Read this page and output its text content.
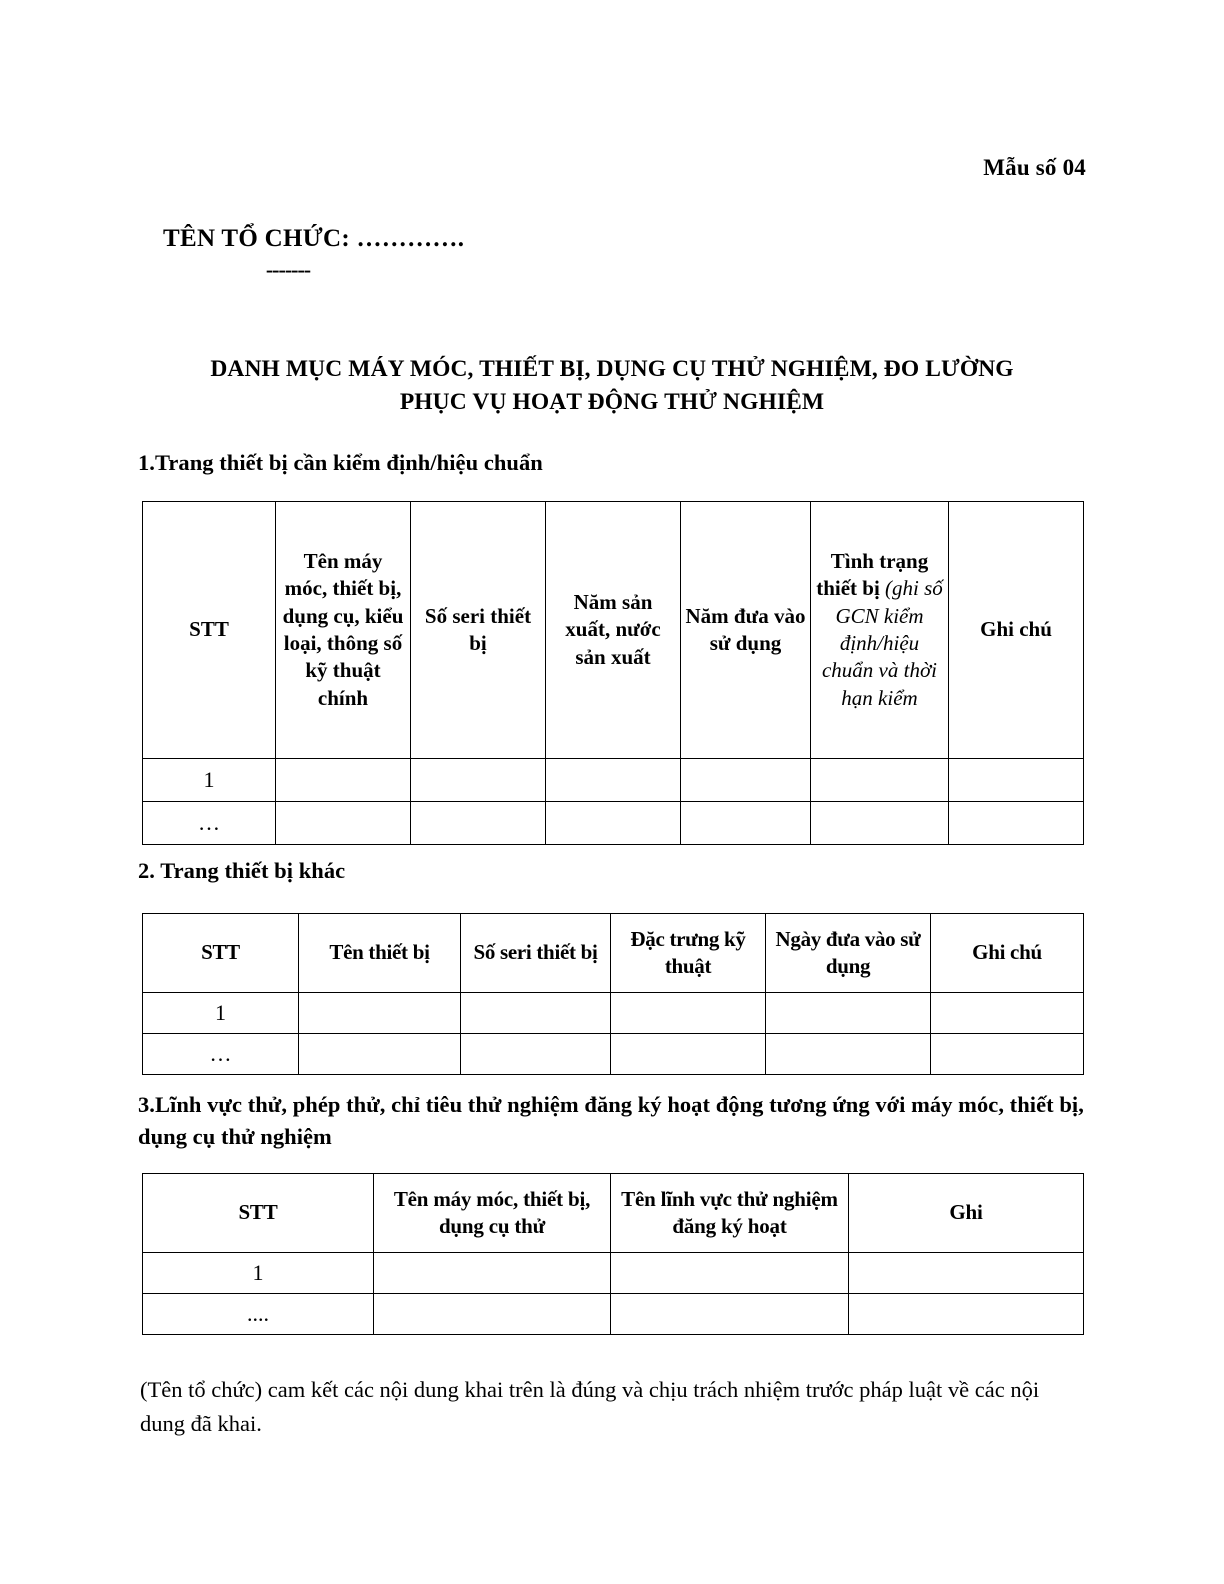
Mẫu số 04
TÊN TỔ CHỨC: ………….
-------
DANH MỤC MÁY MÓC, THIẾT BỊ, DỤNG CỤ THỬ NGHIỆM, ĐO LƯỜNG
PHỤC VỤ HOẠT ĐỘNG THỬ NGHIỆM
1.Trang thiết bị cần kiểm định/hiệu chuẩn
STT	Tên máy móc, thiết bị, dụng cụ, kiểu loại, thông số kỹ thuật chính	Số seri thiết bị	Năm sản xuất, nước sản xuất	Năm đưa vào sử dụng	Tình trạng thiết bị (ghi số GCN kiểm định/hiệu chuẩn và thời hạn kiểm	Ghi chú

1						
…						
2. Trang thiết bị khác
STT	Tên thiết bị	Số seri thiết bị	Đặc trưng kỹ thuật	Ngày đưa vào sử dụng	Ghi chú

1					
…					
3.Lĩnh vực thử, phép thử, chỉ tiêu thử nghiệm đăng ký hoạt động tương ứng với máy móc, thiết bị, dụng cụ thử nghiệm
STT	Tên máy móc, thiết bị, dụng cụ thử	Tên lĩnh vực thử nghiệm đăng ký hoạt	Ghi

1			
....			
(Tên tổ chức) cam kết các nội dung khai trên là đúng và chịu trách nhiệm trước pháp luật về các nội dung đã khai.
